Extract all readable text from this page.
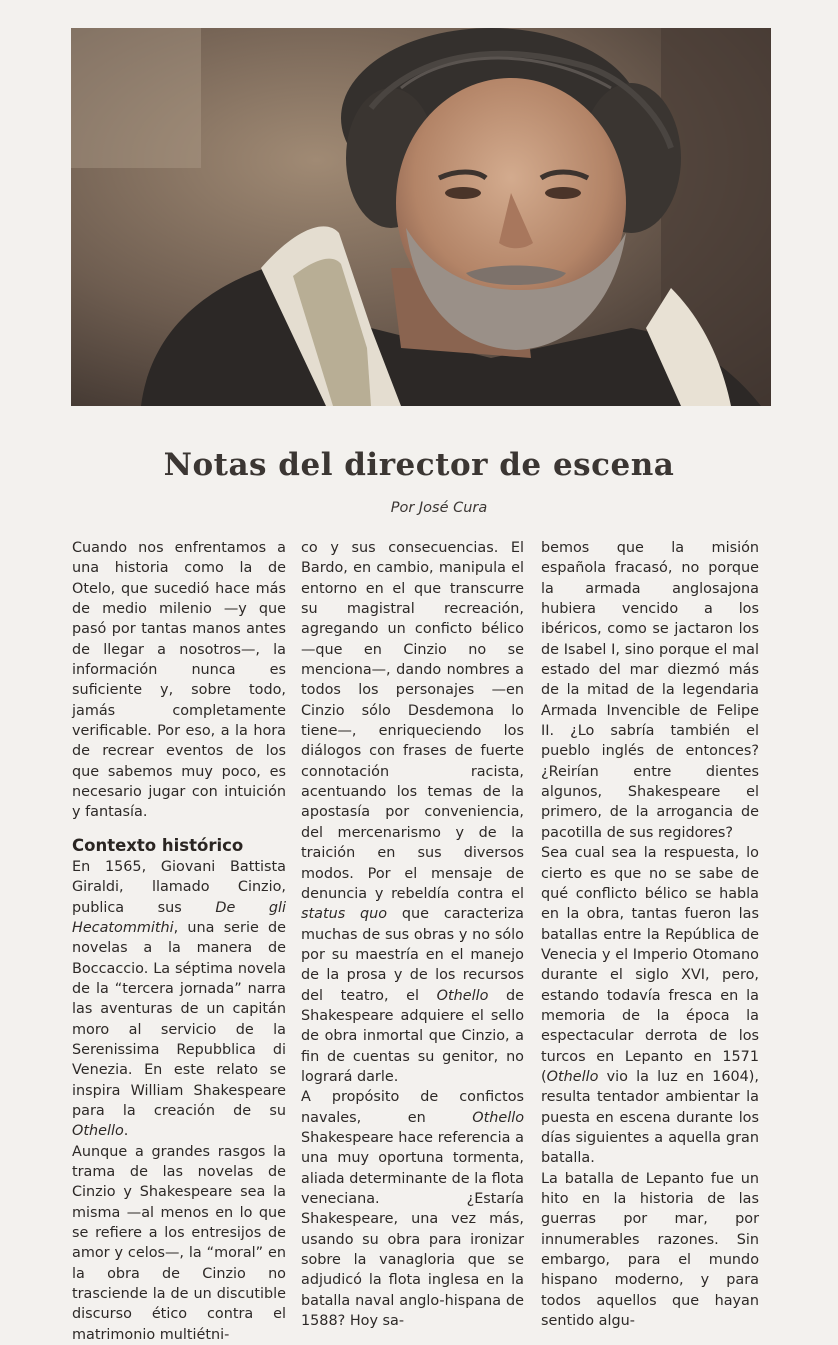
Notas del director de escena
Por José Cura

Cuando nos enfrentamos a una historia como la de Otelo, que sucedió hace más de medio milenio —y que pasó por tantas manos antes de llegar a nosotros—, la información nunca es suficiente y, sobre todo, jamás completamente verificable. Por eso, a la hora de recrear eventos de los que sabemos muy poco, es necesario jugar con intuición y fantasía.

Contexto histórico

En 1565, Giovani Battista Giraldi, llamado Cinzio, publica sus De gli Hecatommithi, una serie de novelas a la manera de Boccaccio. La séptima novela de la “tercera jornada” narra las aventuras de un capitán moro al servicio de la Serenissima Repubblica di Venezia. En este relato se inspira William Shakespeare para la creación de su Othello.

Aunque a grandes rasgos la trama de las novelas de Cinzio y Shakespeare sea la misma —al menos en lo que se refiere a los entresijos de amor y celos—, la “moral” en la obra de Cinzio no trasciende la de un discutible discurso ético contra el matrimonio multiétni-

co y sus consecuencias. El Bardo, en cambio, manipula el entorno en el que transcurre su magistral recreación, agregando un conficto bélico —que en Cinzio no se menciona—, dando nombres a todos los personajes —en Cinzio sólo Desdemona lo tiene—, enriqueciendo los diálogos con frases de fuerte connotación racista, acentuando los temas de la apostasía por conveniencia, del mercenarismo y de la traición en sus diversos modos. Por el mensaje de denuncia y rebeldía contra el status quo que caracteriza muchas de sus obras y no sólo por su maestría en el manejo de la prosa y de los recursos del teatro, el Othello de Shakespeare adquiere el sello de obra inmortal que Cinzio, a fin de cuentas su genitor, no logrará darle.

A propósito de confictos navales, en Othello Shakespeare hace referencia a una muy oportuna tormenta, aliada determinante de la flota veneciana. ¿Estaría Shakespeare, una vez más, usando su obra para ironizar sobre la vanagloria que se adjudicó la flota inglesa en la batalla naval anglo-hispana de 1588? Hoy sa-

bemos que la misión española fracasó, no porque la armada anglosajona hubiera vencido a los ibéricos, como se jactaron los de Isabel I, sino porque el mal estado del mar diezmó más de la mitad de la legendaria Armada Invencible de Felipe II. ¿Lo sabría también el pueblo inglés de entonces? ¿Reirían entre dientes algunos, Shakespeare el primero, de la arrogancia de pacotilla de sus regidores?

Sea cual sea la respuesta, lo cierto es que no se sabe de qué conflicto bélico se habla en la obra, tantas fueron las batallas entre la República de Venecia y el Imperio Otomano durante el siglo XVI, pero, estando todavía fresca en la memoria de la época la espectacular derrota de los turcos en Lepanto en 1571 (Othello vio la luz en 1604), resulta tentador ambientar la puesta en escena durante los días siguientes a aquella gran batalla.

La batalla de Lepanto fue un hito en la historia de las guerras por mar, por innumerables razones. Sin embargo, para el mundo hispano moderno, y para todos aquellos que hayan sentido algu-
